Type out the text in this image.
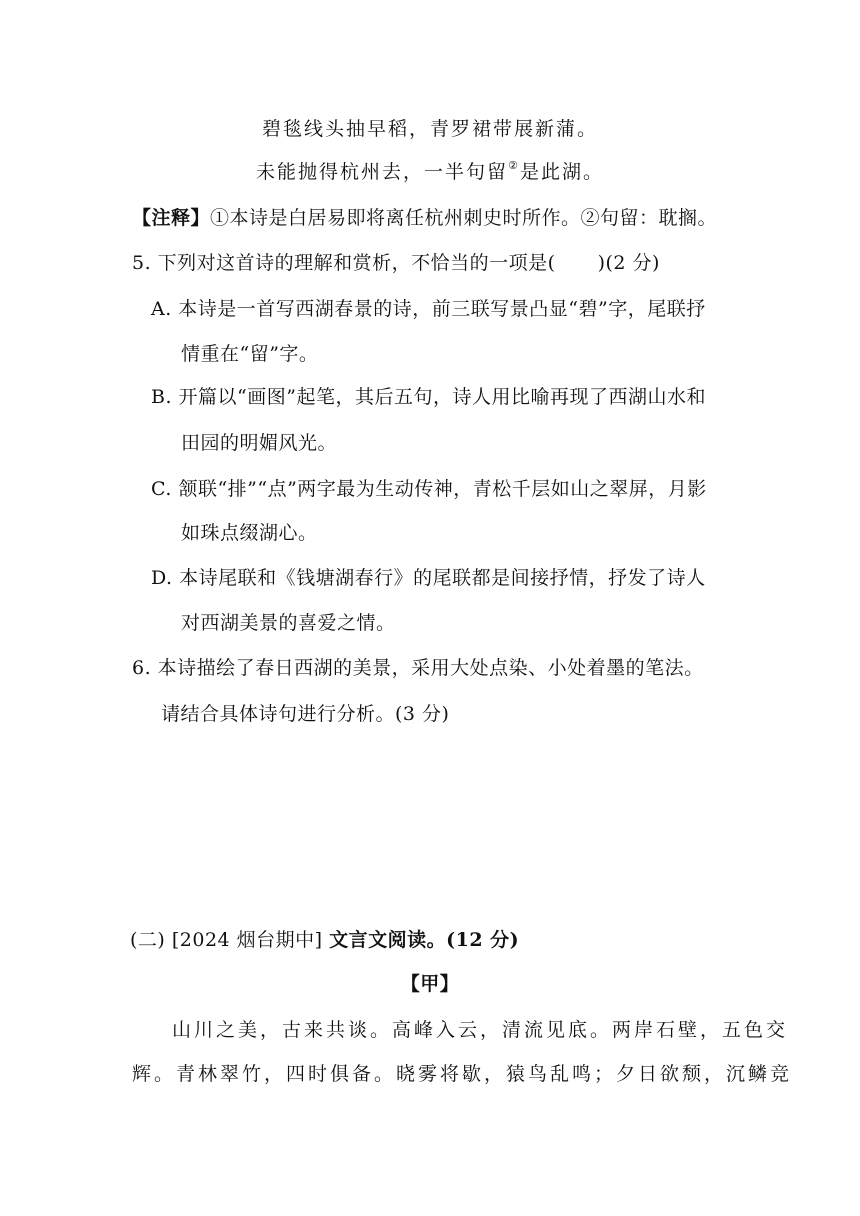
碧毯线头抽早稻，青罗裙带展新蒲。
未能抛得杭州去，一半句留②是此湖。
【注释】①本诗是白居易即将离任杭州刺史时所作。②句留：耽搁。
5. 下列对这首诗的理解和赏析，不恰当的一项是( )(2 分)
A. 本诗是一首写西湖春景的诗，前三联写景凸显“碧”字，尾联抒
情重在“留”字。
B. 开篇以“画图”起笔，其后五句，诗人用比喻再现了西湖山水和
田园的明媚风光。
C. 颔联“排”“点”两字最为生动传神，青松千层如山之翠屏，月影
如珠点缀湖心。
D. 本诗尾联和《钱塘湖春行》的尾联都是间接抒情，抒发了诗人
对西湖美景的喜爱之情。
6. 本诗描绘了春日西湖的美景，采用大处点染、小处着墨的笔法。
请结合具体诗句进行分析。(3 分)
(二) [2024 烟台期中] 文言文阅读。(12 分)
【甲】
山川之美，古来共谈。高峰入云，清流见底。两岸石壁，五色交
辉。青林翠竹，四时俱备。晓雾将歇，猿鸟乱鸣；夕日欲颓，沉鳞竞
